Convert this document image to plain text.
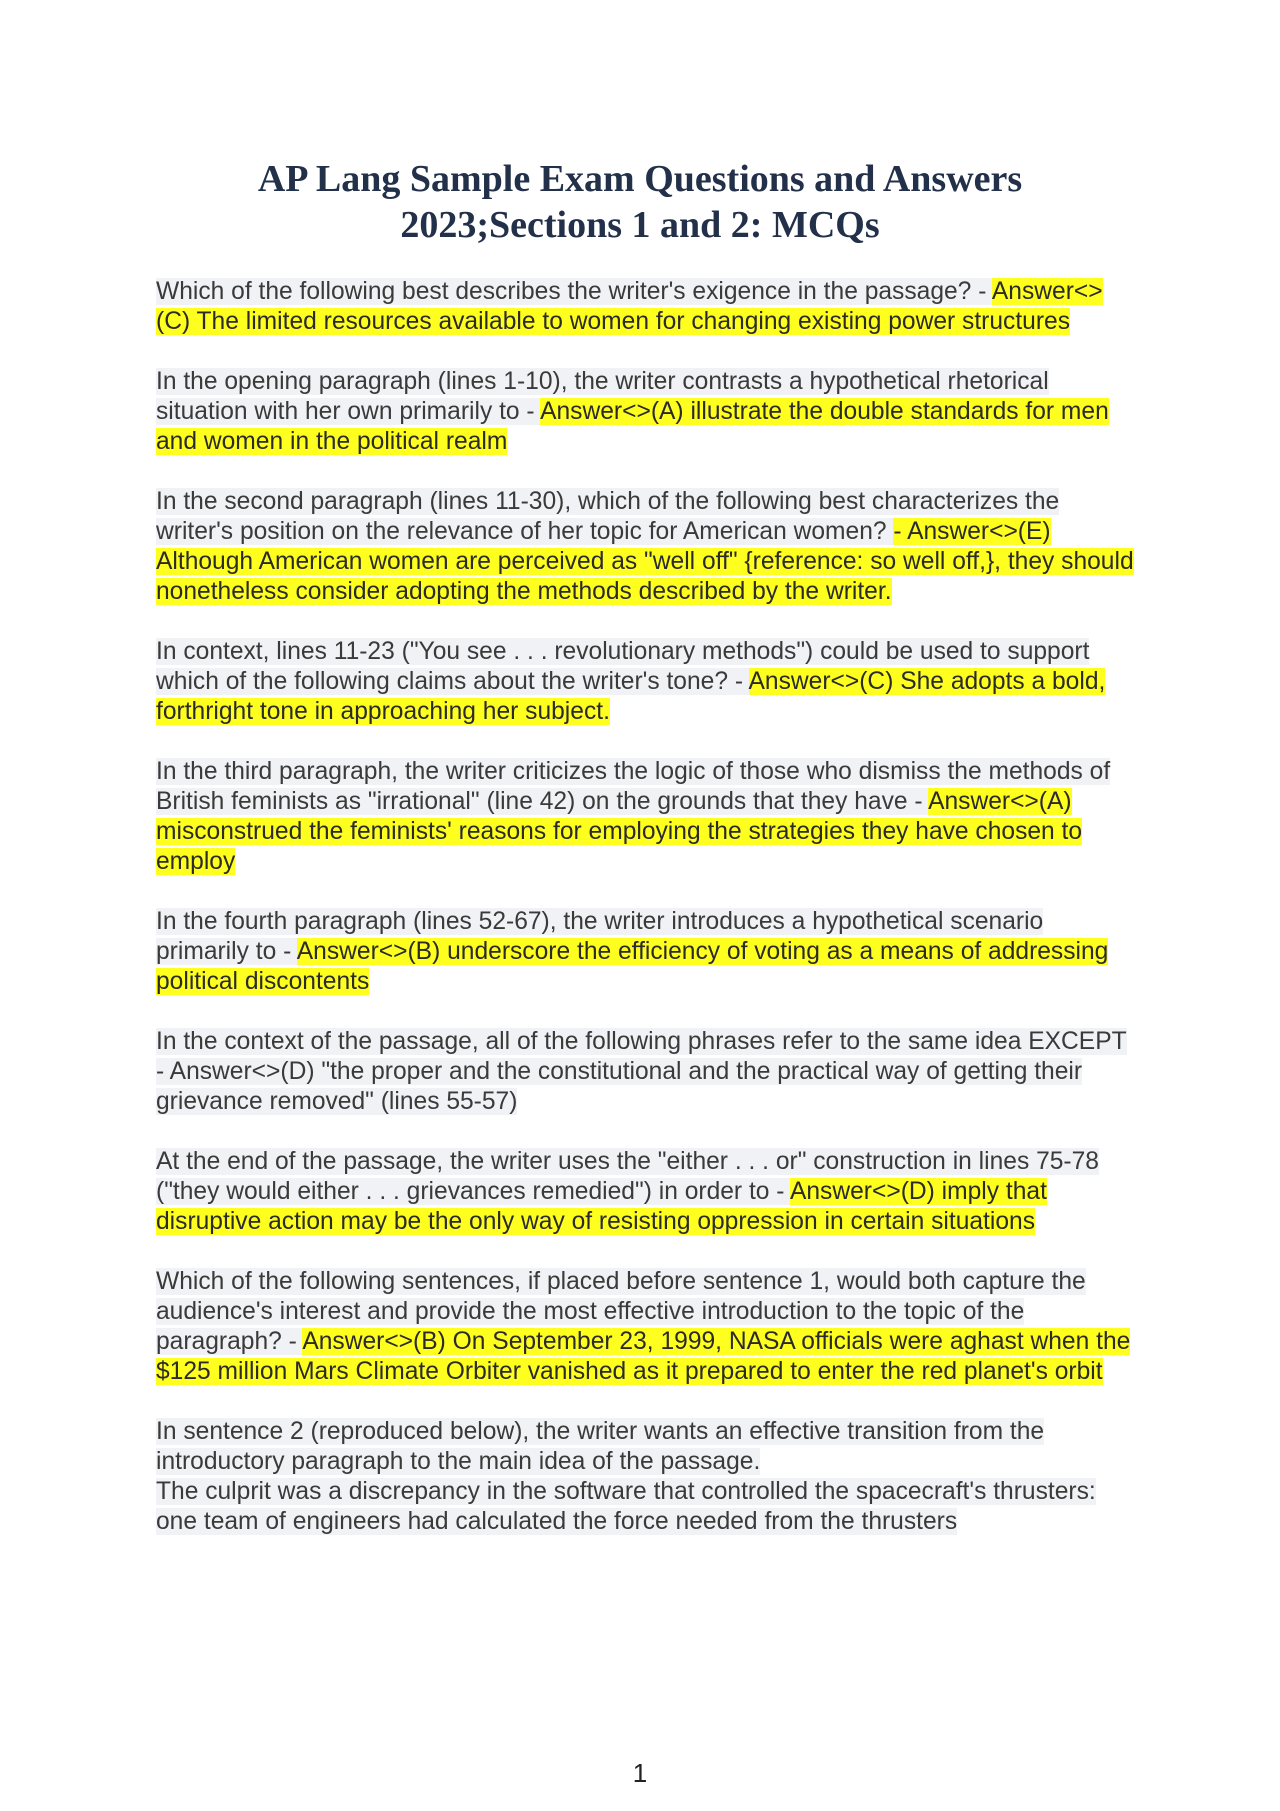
AP Lang Sample Exam Questions and Answers
2023;Sections 1 and 2: MCQs
Which of the following best describes the writer's exigence in the passage? - Answer<>(C) The limited resources available to women for changing existing power structures
In the opening paragraph (lines 1-10), the writer contrasts a hypothetical rhetorical situation with her own primarily to - Answer<>(A) illustrate the double standards for men and women in the political realm
In the second paragraph (lines 11-30), which of the following best characterizes the writer's position on the relevance of her topic for American women? - Answer<>(E) Although American women are perceived as "well off" {reference: so well off,}, they should nonetheless consider adopting the methods described by the writer.
In context, lines 11-23 ("You see . . . revolutionary methods") could be used to support which of the following claims about the writer's tone? - Answer<>(C) She adopts a bold, forthright tone in approaching her subject.
In the third paragraph, the writer criticizes the logic of those who dismiss the methods of British feminists as "irrational" (line 42) on the grounds that they have - Answer<>(A) misconstrued the feminists' reasons for employing the strategies they have chosen to employ
In the fourth paragraph (lines 52-67), the writer introduces a hypothetical scenario primarily to - Answer<>(B) underscore the efficiency of voting as a means of addressing political discontents
In the context of the passage, all of the following phrases refer to the same idea EXCEPT - Answer<>(D) "the proper and the constitutional and the practical way of getting their grievance removed" (lines 55-57)
At the end of the passage, the writer uses the "either . . . or" construction in lines 75-78 ("they would either . . . grievances remedied") in order to - Answer<>(D) imply that disruptive action may be the only way of resisting oppression in certain situations
Which of the following sentences, if placed before sentence 1, would both capture the audience's interest and provide the most effective introduction to the topic of the paragraph? - Answer<>(B) On September 23, 1999, NASA officials were aghast when the $125 million Mars Climate Orbiter vanished as it prepared to enter the red planet's orbit
In sentence 2 (reproduced below), the writer wants an effective transition from the introductory paragraph to the main idea of the passage.
The culprit was a discrepancy in the software that controlled the spacecraft's thrusters: one team of engineers had calculated the force needed from the thrusters
1
